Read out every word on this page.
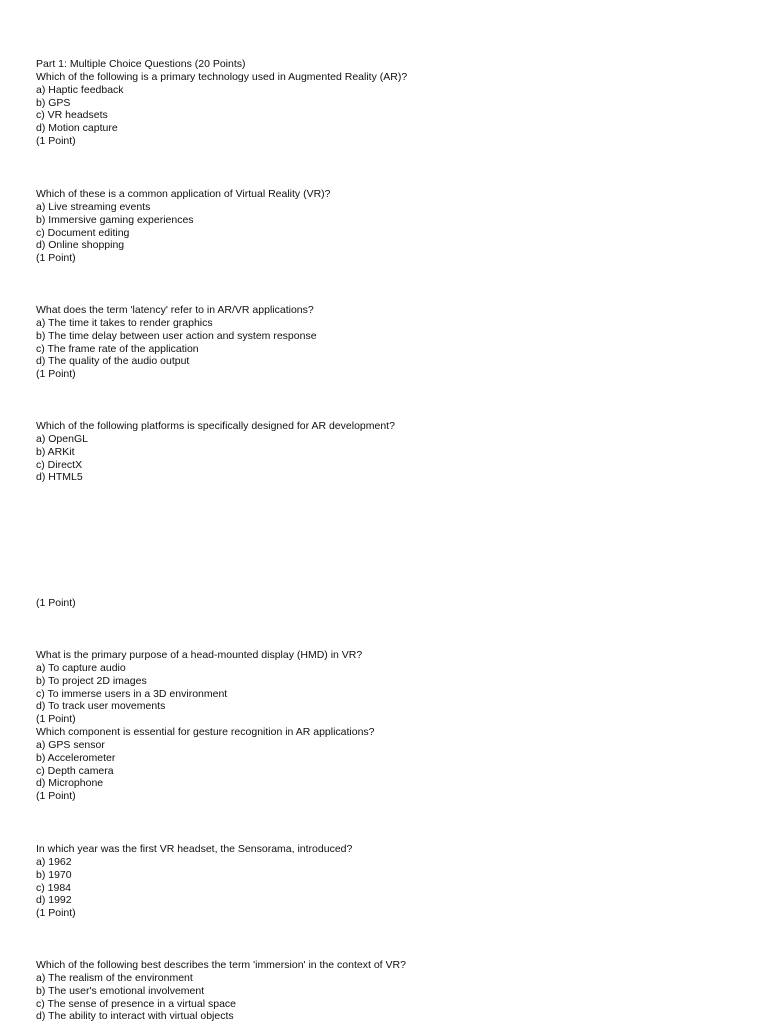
Part 1: Multiple Choice Questions (20 Points)
Which of the following is a primary technology used in Augmented Reality (AR)?
a) Haptic feedback
b) GPS
c) VR headsets
d) Motion capture
(1 Point)
Which of these is a common application of Virtual Reality (VR)?
a) Live streaming events
b) Immersive gaming experiences
c) Document editing
d) Online shopping
(1 Point)
What does the term 'latency' refer to in AR/VR applications?
a) The time it takes to render graphics
b) The time delay between user action and system response
c) The frame rate of the application
d) The quality of the audio output
(1 Point)
Which of the following platforms is specifically designed for AR development?
a) OpenGL
b) ARKit
c) DirectX
d) HTML5
(1 Point)
What is the primary purpose of a head-mounted display (HMD) in VR?
a) To capture audio
b) To project 2D images
c) To immerse users in a 3D environment
d) To track user movements
(1 Point)
Which component is essential for gesture recognition in AR applications?
a) GPS sensor
b) Accelerometer
c) Depth camera
d) Microphone
(1 Point)
In which year was the first VR headset, the Sensorama, introduced?
a) 1962
b) 1970
c) 1984
d) 1992
(1 Point)
Which of the following best describes the term 'immersion' in the context of VR?
a) The realism of the environment
b) The user's emotional involvement
c) The sense of presence in a virtual space
d) The ability to interact with virtual objects
